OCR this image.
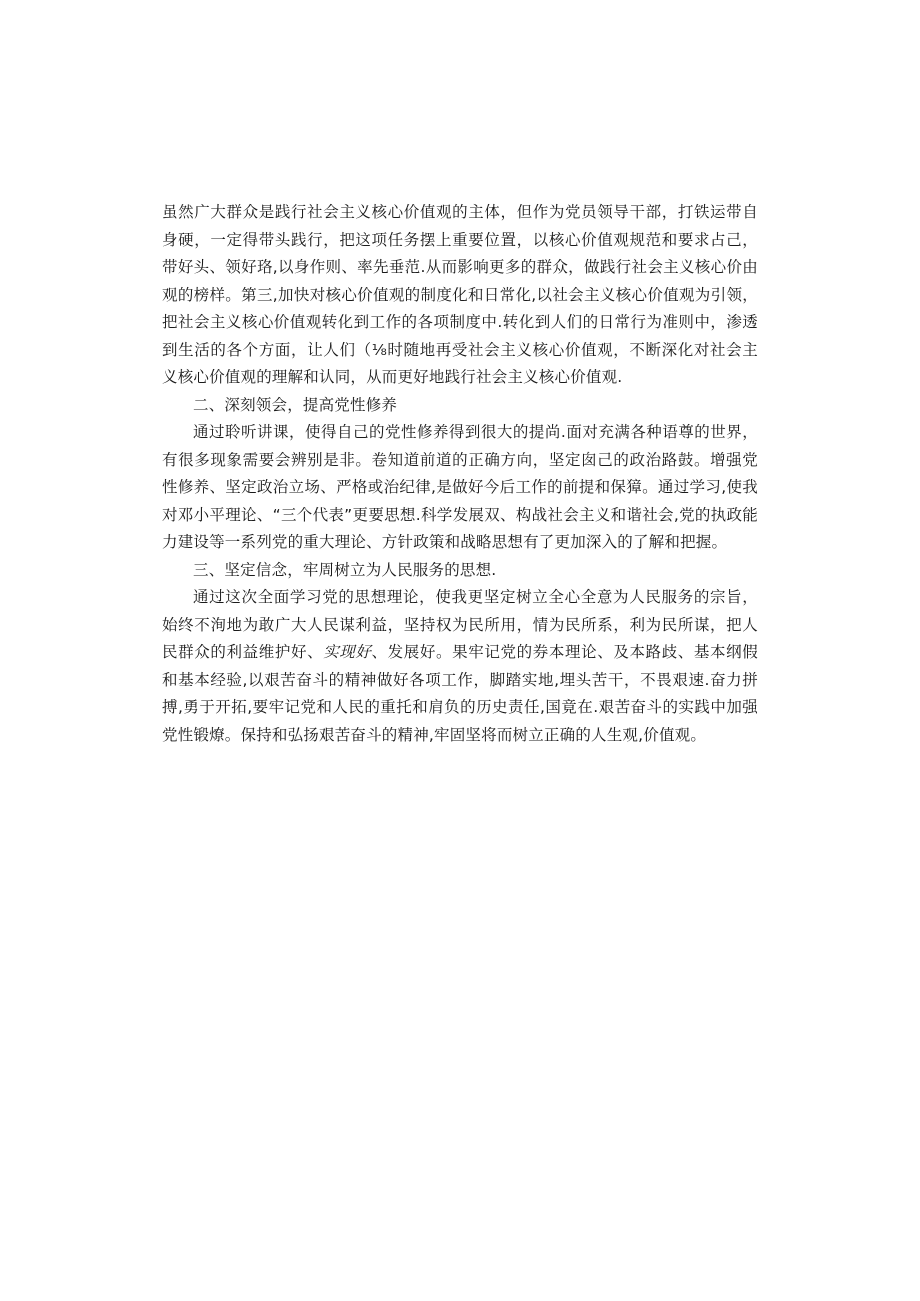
虽然广大群众是践行社会主义核心价值观的主体，但作为党员领导干部，打铁运带自身硬，一定得带头践行，把这项任务摆上重要位置，以核心价值观规范和要求占己，带好头、领好珞,以身作则、率先垂范.从而影响更多的群众，做践行社会主义核心价由观的榜样。第三,加快对核心价值观的制度化和日常化,以社会主义核心价值观为引领，把社会主义核心价值观转化到工作的各项制度中.转化到人们的日常行为准则中，渗透到生活的各个方面，让人们（⅛时随地再受社会主义核心价值观，不断深化对社会主义核心价值观的理解和认同，从而更好地践行社会主义核心价值观.

二、深刻领会，提高党性修养

通过聆听讲课，使得自己的党性修养得到很大的提尚.面对充满各种语尊的世界，有很多现象需要会辨别是非。卷知道前道的正确方向，坚定囱己的政治路鼓。增强党性修养、坚定政治立场、严格或治纪律,是做好今后工作的前提和保獐。通过学习,使我对邓小平理论、“三个代表”更要思想.科学发展双、构战社会主义和谐社会,党的执政能力建设等一系列党的重大理论、方针政策和战略思想有了更加深入的了解和把握。

三、坚定信念，牢周树立为人民服务的思想.

通过这次全面学习党的思想理论，使我更坚定树立全心全意为人民服务的宗旨，始终不洵地为敢广大人民谋利益，坚持权为民所用，情为民所系，利为民所谋，把人民群众的利益维护好、实现好、发展好。果牢记党的券本理论、及本路歧、基本纲假和基本经验,以艰苦奋斗的精神做好各项工作，脚踏实地,埋头苦干，不畏艰速.奋力拼搏,勇于开拓,要牢记党和人民的重托和肩负的历史责任,国竟在.艰苦奋斗的实践中加强党性锻燎。保持和弘扬艰苦奋斗的精神,牢固坚将而树立正确的人生观,价值观。
